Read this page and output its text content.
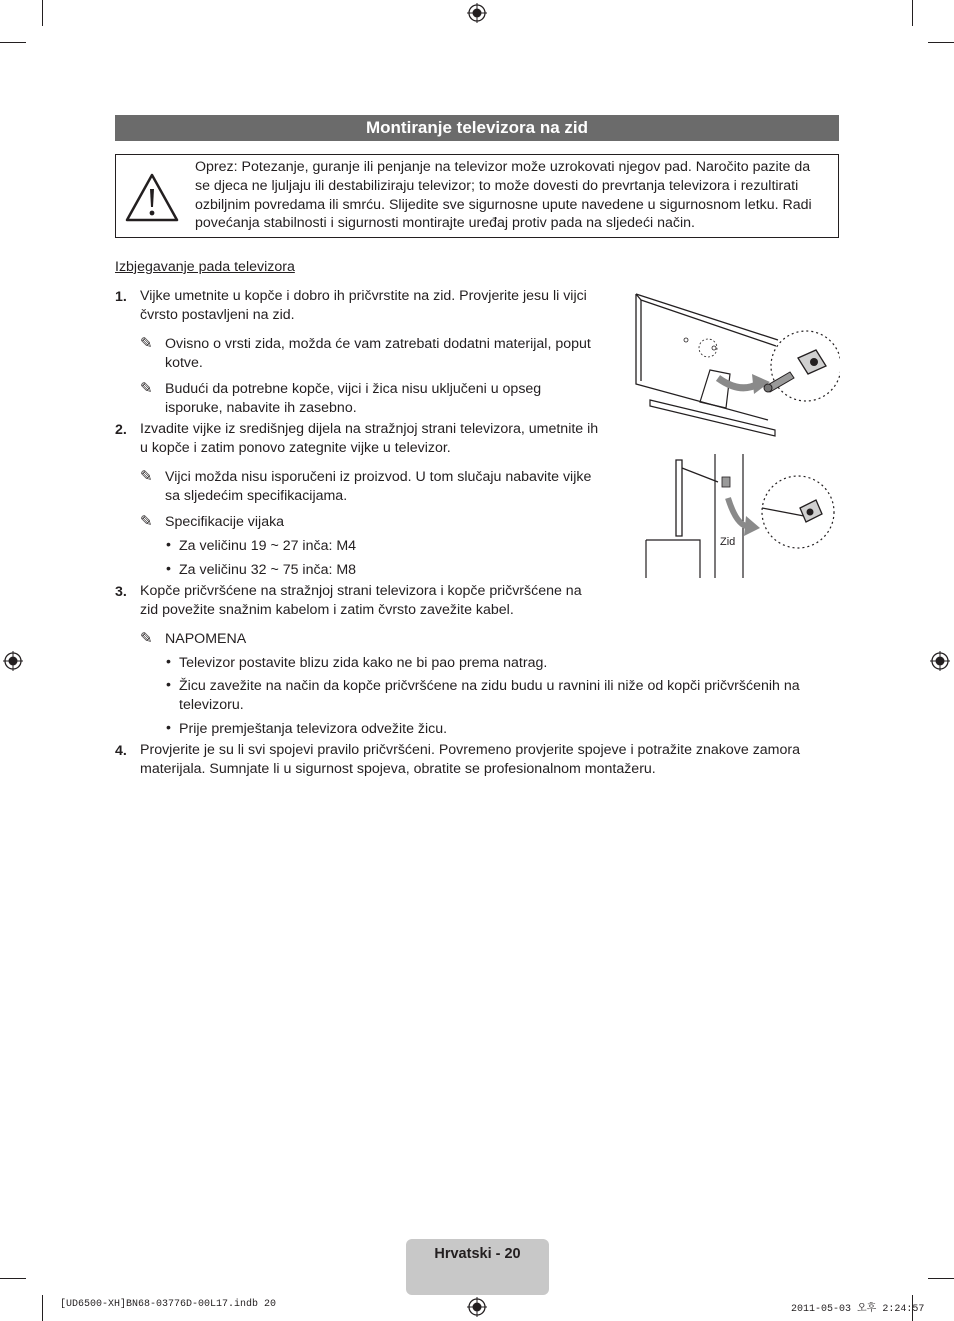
Montiranje televizora na zid
Oprez: Potezanje, guranje ili penjanje na televizor može uzrokovati njegov pad. Naročito pazite da se djeca ne ljuljaju ili destabiliziraju televizor; to može dovesti do prevrtanja televizora i rezultirati ozbiljnim povredama ili smrću. Slijedite sve sigurnosne upute navedene u sigurnosnom letku. Radi povećanja stabilnosti i sigurnosti montirajte uređaj protiv pada na sljedeći način.
Izbjegavanje pada televizora
1. Vijke umetnite u kopče i dobro ih pričvrstite na zid. Provjerite jesu li vijci
čvrsto postavljeni na zid.
✎ Ovisno o vrsti zida, možda će vam zatrebati dodatni materijal, poput
kotve.
✎ Budući da potrebne kopče, vijci i žica nisu uključeni u opseg
isporuke, nabavite ih zasebno.
2. Izvadite vijke iz središnjeg dijela na stražnjoj strani televizora, umetnite ih
u kopče i zatim ponovo zategnite vijke u televizor.
✎ Vijci možda nisu isporučeni iz proizvod. U tom slučaju nabavite vijke
sa sljedećim specifikacijama.
✎ Specifikacije vijaka
• Za veličinu 19 ~ 27 inča: M4
• Za veličinu 32 ~ 75 inča: M8
3. Kopče pričvršćene na stražnjoj strani televizora i kopče pričvršćene na
zid povežite snažnim kabelom i zatim čvrsto zavežite kabel.
✎ NAPOMENA
• Televizor postavite blizu zida kako ne bi pao prema natrag.
• Žicu zavežite na način da kopče pričvršćene na zidu budu u ravnini ili niže od kopči pričvršćenih na
televizoru.
• Prije premještanja televizora odvežite žicu.
4. Provjerite je su li svi spojevi pravilo pričvršćeni. Povremeno provjerite spojeve i potražite znakove zamora
materijala. Sumnjate li u sigurnost spojeva, obratite se profesionalnom montažeru.
Zid
Hrvatski - 20
[UD6500-XH]BN68-03776D-00L17.indb 20	2011-05-03 오후 2:24:57
